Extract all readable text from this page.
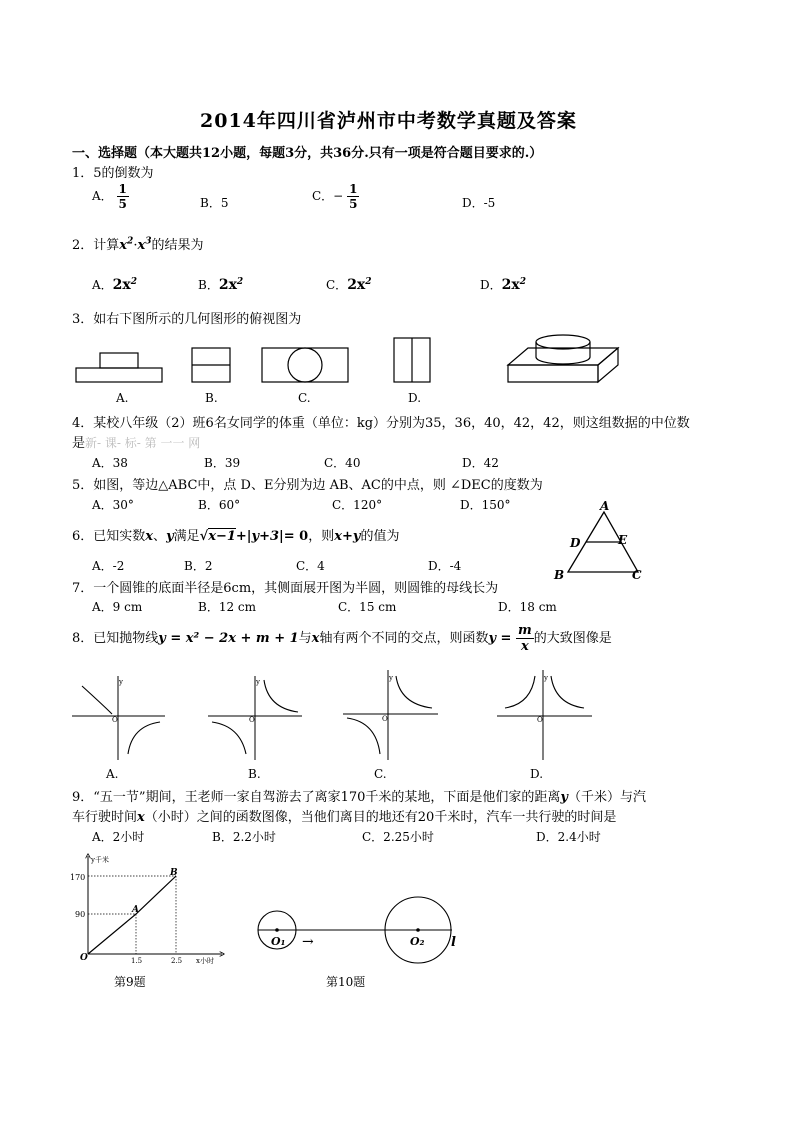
2014年四川省泸州市中考数学真题及答案
一、选择题（本大题共12小题，每题3分，共36分.只有一项是符合题目要求的.）
1．5的倒数为
A． $\frac{1}{5}$	B．5	C．− $\frac{1}{5}$	D．-5
2．计算$x^2\cdot x^3$的结果为
A．$2x^2$	B．$2x^2$	C．$2x^2$	D．$2x^2$
3．如右下图所示的几何图形的俯视图为
A.	B.	C.	D.
4．某校八年级（2）班6名女同学的体重（单位：kg）分别为35，36，40，42，42，则这组数据的中位数
是新- 课- 标- 第 一一 网
A．38	B．39	C．40	D．42
5．如图，等边△ABC中，点 D、E分别为边 AB、AC的中点，则 ∠DEC的度数为
A．30°	B．60°	C．120°	D．150°	A
D	E
B	C
6．已知实数x、y满足√x−1+|y+3|= 0，则x+y的值为
A．-2	B．2	C．4	D．-4
7．一个圆锥的底面半径是6cm，其侧面展开图为半圆，则圆锥的母线长为
A．9 cm	B．12 cm	C．15 cm	D．18 cm
8．已知抛物线y = x² − 2x + m + 1与x轴有两个不同的交点，则函数$y = \frac{m}{x}$ 的大致图像是
y
O
y
O
y
O
y
O
A.	B.	C.	D.
9．“五一节”期间，王老师一家自驾游去了离家170千米的某地，下面是他们家的距离y（千米）与汽
车行驶时间x（小时）之间的函数图像，当他们离目的地还有20千米时，汽车一共行驶的时间是
A．2小时	B．2.2小时	C．2.25小时	D．2.4小时
y千米
x小时
170
90
1.5	2.5
O
A
B
第9题
O₁	O₂ l
→
第10题
